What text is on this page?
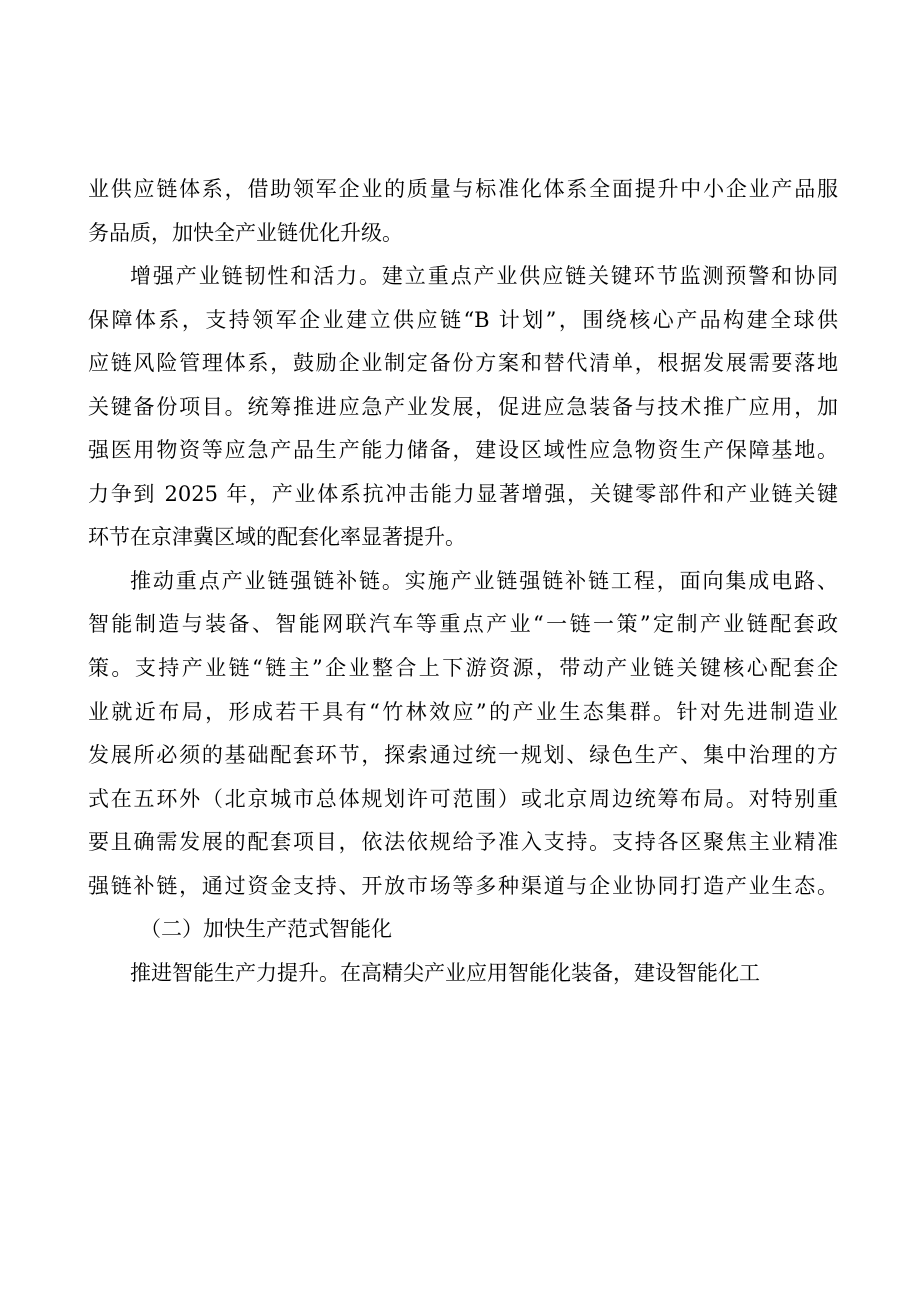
业供应链体系，借助领军企业的质量与标准化体系全面提升中小企业产品服
务品质，加快全产业链优化升级。
增强产业链韧性和活力。建立重点产业供应链关键环节监测预警和协同
保障体系，支持领军企业建立供应链“B 计划”，围绕核心产品构建全球供
应链风险管理体系，鼓励企业制定备份方案和替代清单，根据发展需要落地
关键备份项目。统筹推进应急产业发展，促进应急装备与技术推广应用，加
强医用物资等应急产品生产能力储备，建设区域性应急物资生产保障基地。
力争到 2025 年，产业体系抗冲击能力显著增强，关键零部件和产业链关键
环节在京津冀区域的配套化率显著提升。
推动重点产业链强链补链。实施产业链强链补链工程，面向集成电路、
智能制造与装备、智能网联汽车等重点产业“一链一策”定制产业链配套政
策。支持产业链“链主”企业整合上下游资源，带动产业链关键核心配套企
业就近布局，形成若干具有“竹林效应”的产业生态集群。针对先进制造业
发展所必须的基础配套环节，探索通过统一规划、绿色生产、集中治理的方
式在五环外（北京城市总体规划许可范围）或北京周边统筹布局。对特别重
要且确需发展的配套项目，依法依规给予准入支持。支持各区聚焦主业精准
强链补链，通过资金支持、开放市场等多种渠道与企业协同打造产业生态。
（二）加快生产范式智能化
推进智能生产力提升。在高精尖产业应用智能化装备，建设智能化工
